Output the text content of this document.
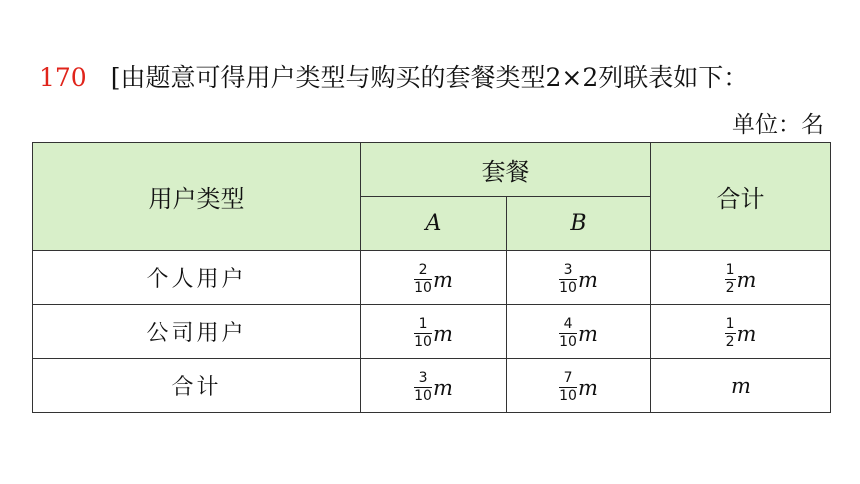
170 [由题意可得用户类型与购买的套餐类型2×2列联表如下：
单位：名
用户类型	套餐		合计
	A	B	
个人用户	$\frac{2}{10}$ m	$\frac{3}{10}$ m	$\frac{1}{2}$ m

公司用户	$\frac{1}{10}$ m	$\frac{4}{10}$ m	$\frac{1}{2}$ m

合计	$\frac{3}{10}$ m	$\frac{7}{10}$ m	m
